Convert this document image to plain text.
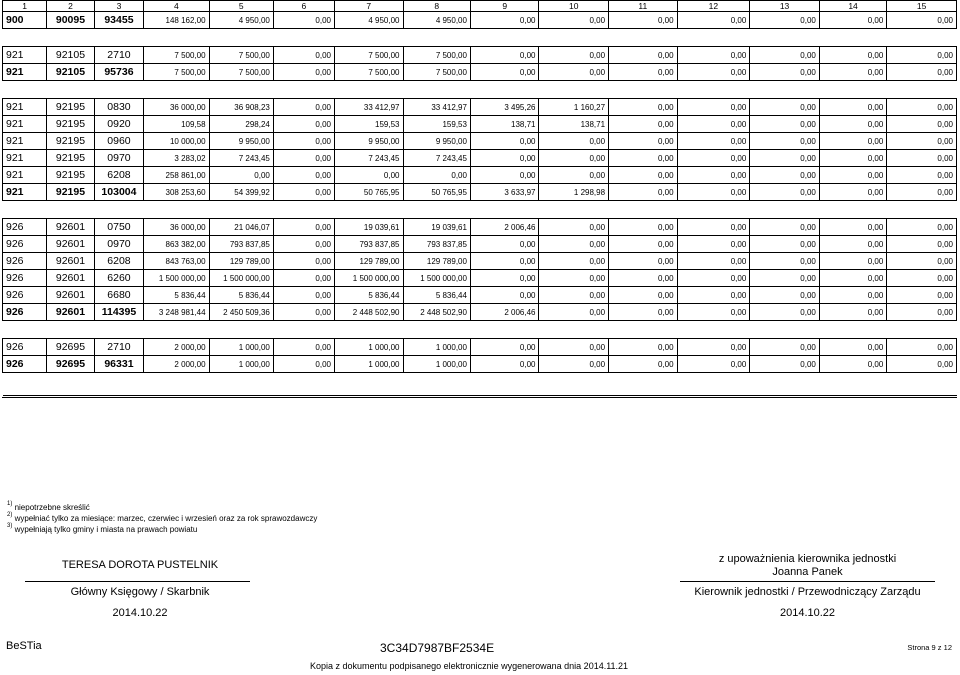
1	2	3	4	5	6	7	8	9	10	11	12	13	14	15
900	90095	93455	148 162,00	4 950,00	0,00	4 950,00	4 950,00	0,00	0,00	0,00	0,00	0,00	0,00	0,00

921	92105	2710	7 500,00	7 500,00	0,00	7 500,00	7 500,00	0,00	0,00	0,00	0,00	0,00	0,00	0,00
921	92105	95736	7 500,00	7 500,00	0,00	7 500,00	7 500,00	0,00	0,00	0,00	0,00	0,00	0,00	0,00

921	92195	0830	36 000,00	36 908,23	0,00	33 412,97	33 412,97	3 495,26	1 160,27	0,00	0,00	0,00	0,00	0,00
921	92195	0920	109,58	298,24	0,00	159,53	159,53	138,71	138,71	0,00	0,00	0,00	0,00	0,00
921	92195	0960	10 000,00	9 950,00	0,00	9 950,00	9 950,00	0,00	0,00	0,00	0,00	0,00	0,00	0,00
921	92195	0970	3 283,02	7 243,45	0,00	7 243,45	7 243,45	0,00	0,00	0,00	0,00	0,00	0,00	0,00
921	92195	6208	258 861,00	0,00	0,00	0,00	0,00	0,00	0,00	0,00	0,00	0,00	0,00	0,00
921	92195	103004	308 253,60	54 399,92	0,00	50 765,95	50 765,95	3 633,97	1 298,98	0,00	0,00	0,00	0,00	0,00

926	92601	0750	36 000,00	21 046,07	0,00	19 039,61	19 039,61	2 006,46	0,00	0,00	0,00	0,00	0,00	0,00
926	92601	0970	863 382,00	793 837,85	0,00	793 837,85	793 837,85	0,00	0,00	0,00	0,00	0,00	0,00	0,00
926	92601	6208	843 763,00	129 789,00	0,00	129 789,00	129 789,00	0,00	0,00	0,00	0,00	0,00	0,00	0,00
926	92601	6260	1 500 000,00	1 500 000,00	0,00	1 500 000,00	1 500 000,00	0,00	0,00	0,00	0,00	0,00	0,00	0,00
926	92601	6680	5 836,44	5 836,44	0,00	5 836,44	5 836,44	0,00	0,00	0,00	0,00	0,00	0,00	0,00
926	92601	114395	3 248 981,44	2 450 509,36	0,00	2 448 502,90	2 448 502,90	2 006,46	0,00	0,00	0,00	0,00	0,00	0,00

926	92695	2710	2 000,00	1 000,00	0,00	1 000,00	1 000,00	0,00	0,00	0,00	0,00	0,00	0,00	0,00
926	92695	96331	2 000,00	1 000,00	0,00	1 000,00	1 000,00	0,00	0,00	0,00	0,00	0,00	0,00	0,00

$^{1)}$ niepotrzebne skreślić
$^{2)}$ wypełniać tylko za miesiące: marzec, czerwiec i wrzesień oraz za rok sprawozdawczy
$^{3)}$ wypełniają tylko gminy i miasta na prawach powiatu
TERESA DOROTA PUSTELNIK
Główny Księgowy / Skarbnik
2014.10.22
z upoważnienia kierownika jednostki
Joanna Panek
Kierownik jednostki / Przewodniczący Zarządu
2014.10.22
BeSTia	3C34D7987BF2534E	Strona 9 z 12
Kopia z dokumentu podpisanego elektronicznie wygenerowana dnia 2014.11.21
